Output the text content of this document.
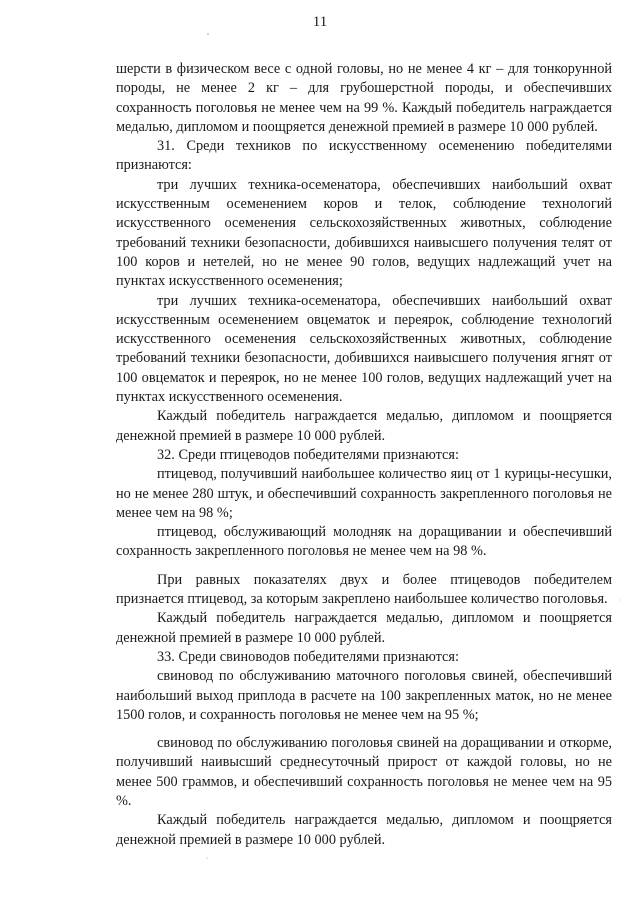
11

шерсти в физическом весе с одной головы, но не менее 4 кг – для тонкорунной породы, не менее 2 кг – для грубошерстной породы, и обеспечивших сохранность поголовья не менее чем на 99 %. Каждый победитель награждается медалью, дипломом и поощряется денежной премией в размере 10 000 рублей.

31. Среди техников по искусственному осеменению победителями признаются:

три лучших техника-осеменатора, обеспечивших наибольший охват искусственным осеменением коров и телок, соблюдение технологий искусственного осеменения сельскохозяйственных животных, соблюдение требований техники безопасности, добившихся наивысшего получения телят от 100 коров и нетелей, но не менее 90 голов, ведущих надлежащий учет на пунктах искусственного осеменения;

три лучших техника-осеменатора, обеспечивших наибольший охват искусственным осеменением овцематок и переярок, соблюдение технологий искусственного осеменения сельскохозяйственных животных, соблюдение требований техники безопасности, добившихся наивысшего получения ягнят от 100 овцематок и переярок, но не менее 100 голов, ведущих надлежащий учет на пунктах искусственного осеменения.

Каждый победитель награждается медалью, дипломом и поощряется денежной премией в размере 10 000 рублей.

32. Среди птицеводов победителями признаются:

птицевод, получивший наибольшее количество яиц от 1 курицы-несушки, но не менее 280 штук, и обеспечивший сохранность закрепленного поголовья не менее чем на 98 %;

птицевод, обслуживающий молодняк на доращивании и обеспечивший сохранность закрепленного поголовья не менее чем на 98 %.

При равных показателях двух и более птицеводов победителем признается птицевод, за которым закреплено наибольшее количество поголовья.

Каждый победитель награждается медалью, дипломом и поощряется денежной премией в размере 10 000 рублей.

33. Среди свиноводов победителями признаются:

свиновод по обслуживанию маточного поголовья свиней, обеспечивший наибольший выход приплода в расчете на 100 закрепленных маток, но не менее 1500 голов, и сохранность поголовья не менее чем на 95 %;

свиновод по обслуживанию поголовья свиней на доращивании и откорме, получивший наивысший среднесуточный прирост от каждой головы, но не менее 500 граммов, и обеспечивший сохранность поголовья не менее чем на 95 %.

Каждый победитель награждается медалью, дипломом и поощряется денежной премией в размере 10 000 рублей.
